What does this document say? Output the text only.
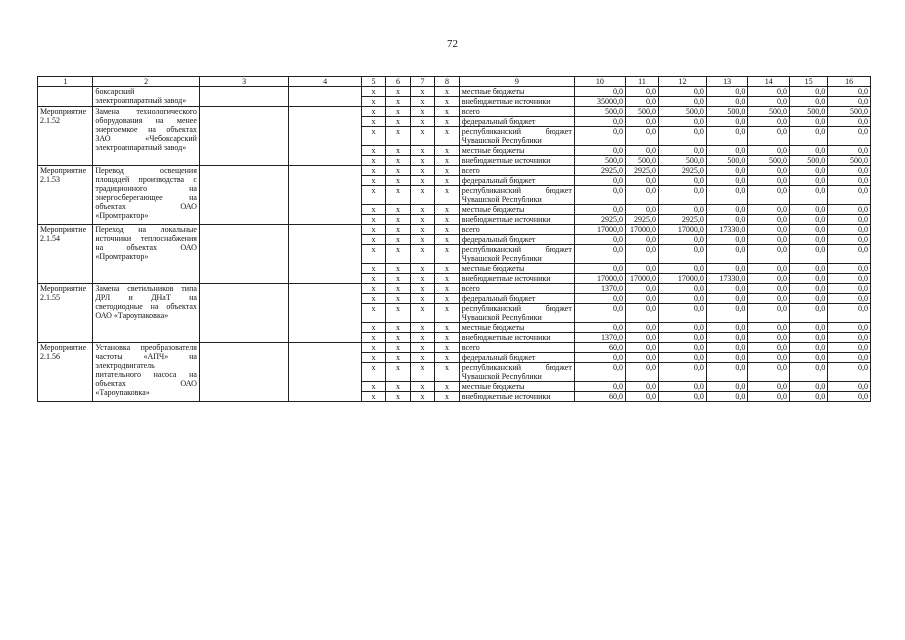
72
1	2	3	4	5	6	7	8	9	10	11	12	13	14	15	16
	боксарский электроаппаратный завод»			x	x	x	x	местные бюджеты	0,0	0,0	0,0	0,0	0,0	0,0	0,0
				x	x	x	x	внебюджетные источники	35000,0	0,0	0,0	0,0	0,0	0,0	0,0
Мероприятие 2.1.52	Замена технологического оборудования на менее энергоемкое на объектах ЗАО «Чебоксарский электроаппаратный завод»			x	x	x	x	всего	500,0	500,0	500,0	500,0	500,0	500,0	500,0
				x	x	x	x	федеральный бюджет	0,0	0,0	0,0	0,0	0,0	0,0	0,0
				x	x	x	x	республиканский бюджет Чувашской Республики	0,0	0,0	0,0	0,0	0,0	0,0	0,0
				x	x	x	x	местные бюджеты	0,0	0,0	0,0	0,0	0,0	0,0	0,0
				x	x	x	x	внебюджетные источники	500,0	500,0	500,0	500,0	500,0	500,0	500,0
Мероприятие 2.1.53	Перевод освещения площадей производства с традиционного на энергосберегающее на объектах ОАО «Промтрактор»			x	x	x	x	всего	2925,0	2925,0	2925,0	0,0	0,0	0,0	0,0
				x	x	x	x	федеральный бюджет	0,0	0,0	0,0	0,0	0,0	0,0	0,0
				x	x	x	x	республиканский бюджет Чувашской Республики	0,0	0,0	0,0	0,0	0,0	0,0	0,0
				x	x	x	x	местные бюджеты	0,0	0,0	0,0	0,0	0,0	0,0	0,0
				x	x	x	x	внебюджетные источники	2925,0	2925,0	2925,0	0,0	0,0	0,0	0,0
Мероприятие 2.1.54	Переход на локальные источники теплоснабжения на объектах ОАО «Промтрактор»			x	x	x	x	всего	17000,0	17000,0	17000,0	17330,0	0,0	0,0	0,0
				x	x	x	x	федеральный бюджет	0,0	0,0	0,0	0,0	0,0	0,0	0,0
				x	x	x	x	республиканский бюджет Чувашской Республики	0,0	0,0	0,0	0,0	0,0	0,0	0,0
				x	x	x	x	местные бюджеты	0,0	0,0	0,0	0,0	0,0	0,0	0,0
				x	x	x	x	внебюджетные источники	17000,0	17000,0	17000,0	17330,0	0,0	0,0	0,0
Мероприятие 2.1.55	Замена светильников типа ДРЛ и ДНаТ на светодиодные на объектах ОАО «Тароупаковка»			x	x	x	x	всего	1370,0	0,0	0,0	0,0	0,0	0,0	0,0
				x	x	x	x	федеральный бюджет	0,0	0,0	0,0	0,0	0,0	0,0	0,0
				x	x	x	x	республиканский бюджет Чувашской Республики	0,0	0,0	0,0	0,0	0,0	0,0	0,0
				x	x	x	x	местные бюджеты	0,0	0,0	0,0	0,0	0,0	0,0	0,0
				x	x	x	x	внебюджетные источники	1370,0	0,0	0,0	0,0	0,0	0,0	0,0
Мероприятие 2.1.56	Установка преобразователя частоты «АПЧ» на электродвигатель питательного насоса на объектах ОАО «Тароупаковка»			x	x	x	x	всего	60,0	0,0	0,0	0,0	0,0	0,0	0,0
				x	x	x	x	федеральный бюджет	0,0	0,0	0,0	0,0	0,0	0,0	0,0
				x	x	x	x	республиканский бюджет Чувашской Республики	0,0	0,0	0,0	0,0	0,0	0,0	0,0
				x	x	x	x	местные бюджеты	0,0	0,0	0,0	0,0	0,0	0,0	0,0
				x	x	x	x	внебюджетные источники	60,0	0,0	0,0	0,0	0,0	0,0	0,0
